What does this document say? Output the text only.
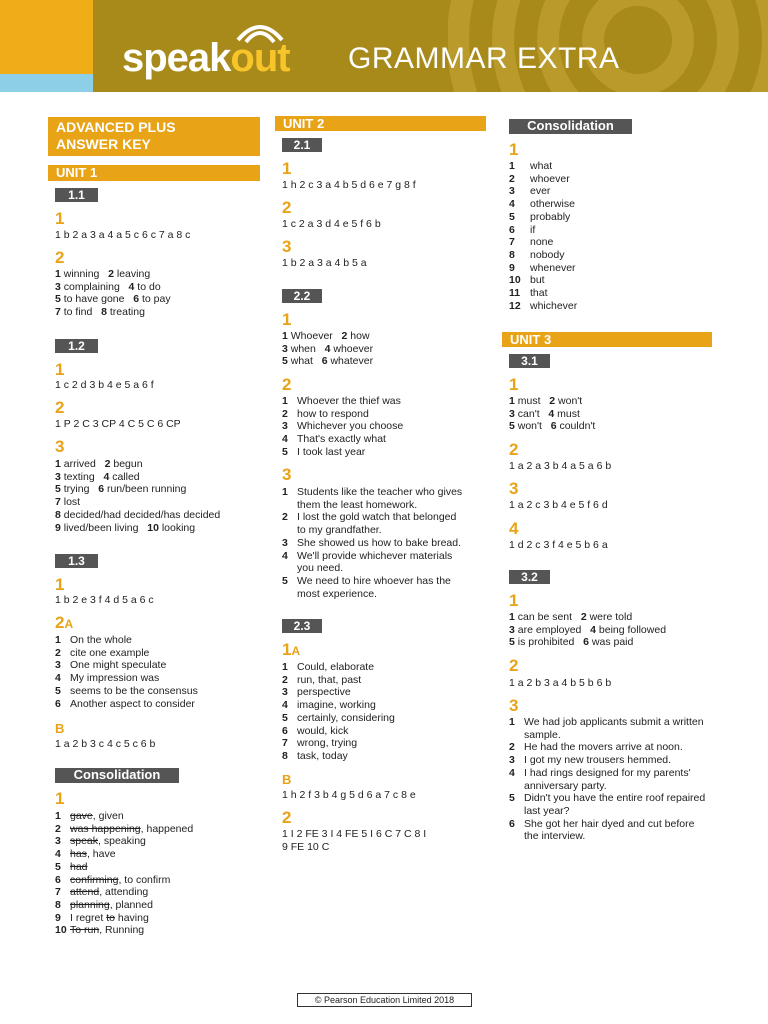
speakout GRAMMAR EXTRA
ADVANCED PLUS
ANSWER KEY
UNIT 1
1.1
1
1 b 2 a 3 a 4 a 5 c 6 c 7 a 8 c
2
1 winning   2 leaving
3 complaining   4 to do
5 to have gone   6 to pay
7 to find   8 treating
1.2
1
1 c 2 d 3 b 4 e 5 a 6 f
2
1 P 2 C 3 CP 4 C 5 C 6 CP
3
1 arrived   2 begun
3 texting   4 called
5 trying   6 run/been running
7 lost
8 decided/had decided/has decided
9 lived/been living   10 looking
1.3
1
1 b 2 e 3 f 4 d 5 a 6 c
2A
1 On the whole
2 cite one example
3 One might speculate
4 My impression was
5 seems to be the consensus
6 Another aspect to consider
B
1 a 2 b 3 c 4 c 5 c 6 b
Consolidation
1
1 gave, given
2 was happening, happened
3 speak, speaking
4 has, have
5 had
6 confirming, to confirm
7 attend, attending
8 planning, planned
9 I regret to having
10 To run, Running
UNIT 2
2.1
1
1 h 2 c 3 a 4 b 5 d 6 e 7 g 8 f
2
1 c 2 a 3 d 4 e 5 f 6 b
3
1 b 2 a 3 a 4 b 5 a
2.2
1
1 Whoever   2 how
3 when   4 whoever
5 what   6 whatever
2
1 Whoever the thief was
2 how to respond
3 Whichever you choose
4 That's exactly what
5 I took last year
3
1 Students like the teacher who gives
them the least homework.
2 I lost the gold watch that belonged
to my grandfather.
3 She showed us how to bake bread.
4 We'll provide whichever materials
you need.
5 We need to hire whoever has the
most experience.
2.3
1A
1 Could, elaborate
2 run, that, past
3 perspective
4 imagine, working
5 certainly, considering
6 would, kick
7 wrong, trying
8 task, today
B
1 h 2 f 3 b 4 g 5 d 6 a 7 c 8 e
2
1 I 2 FE 3 I 4 FE 5 I 6 C 7 C 8 I
9 FE 10 C
Consolidation
1
1	what
2	whoever
3	ever
4	otherwise
5	probably
6	if
7	none
8	nobody
9	whenever
10 but
11 that
12 whichever
UNIT 3
3.1
1
1 must   2 won't
3 can't   4 must
5 won't   6 couldn't
2
1 a 2 a 3 b 4 a 5 a 6 b
3
1 a 2 c 3 b 4 e 5 f 6 d
4
1 d 2 c 3 f 4 e 5 b 6 a
3.2
1
1 can be sent   2 were told
3 are employed   4 being followed
5 is prohibited   6 was paid
2
1 a 2 b 3 a 4 b 5 b 6 b
3
1 We had job applicants submit a written
sample.
2 He had the movers arrive at noon.
3 I got my new trousers hemmed.
4 I had rings designed for my parents'
anniversary party.
5 Didn't you have the entire roof repaired
last year?
6 She got her hair dyed and cut before
the interview.
© Pearson Education Limited 2018
